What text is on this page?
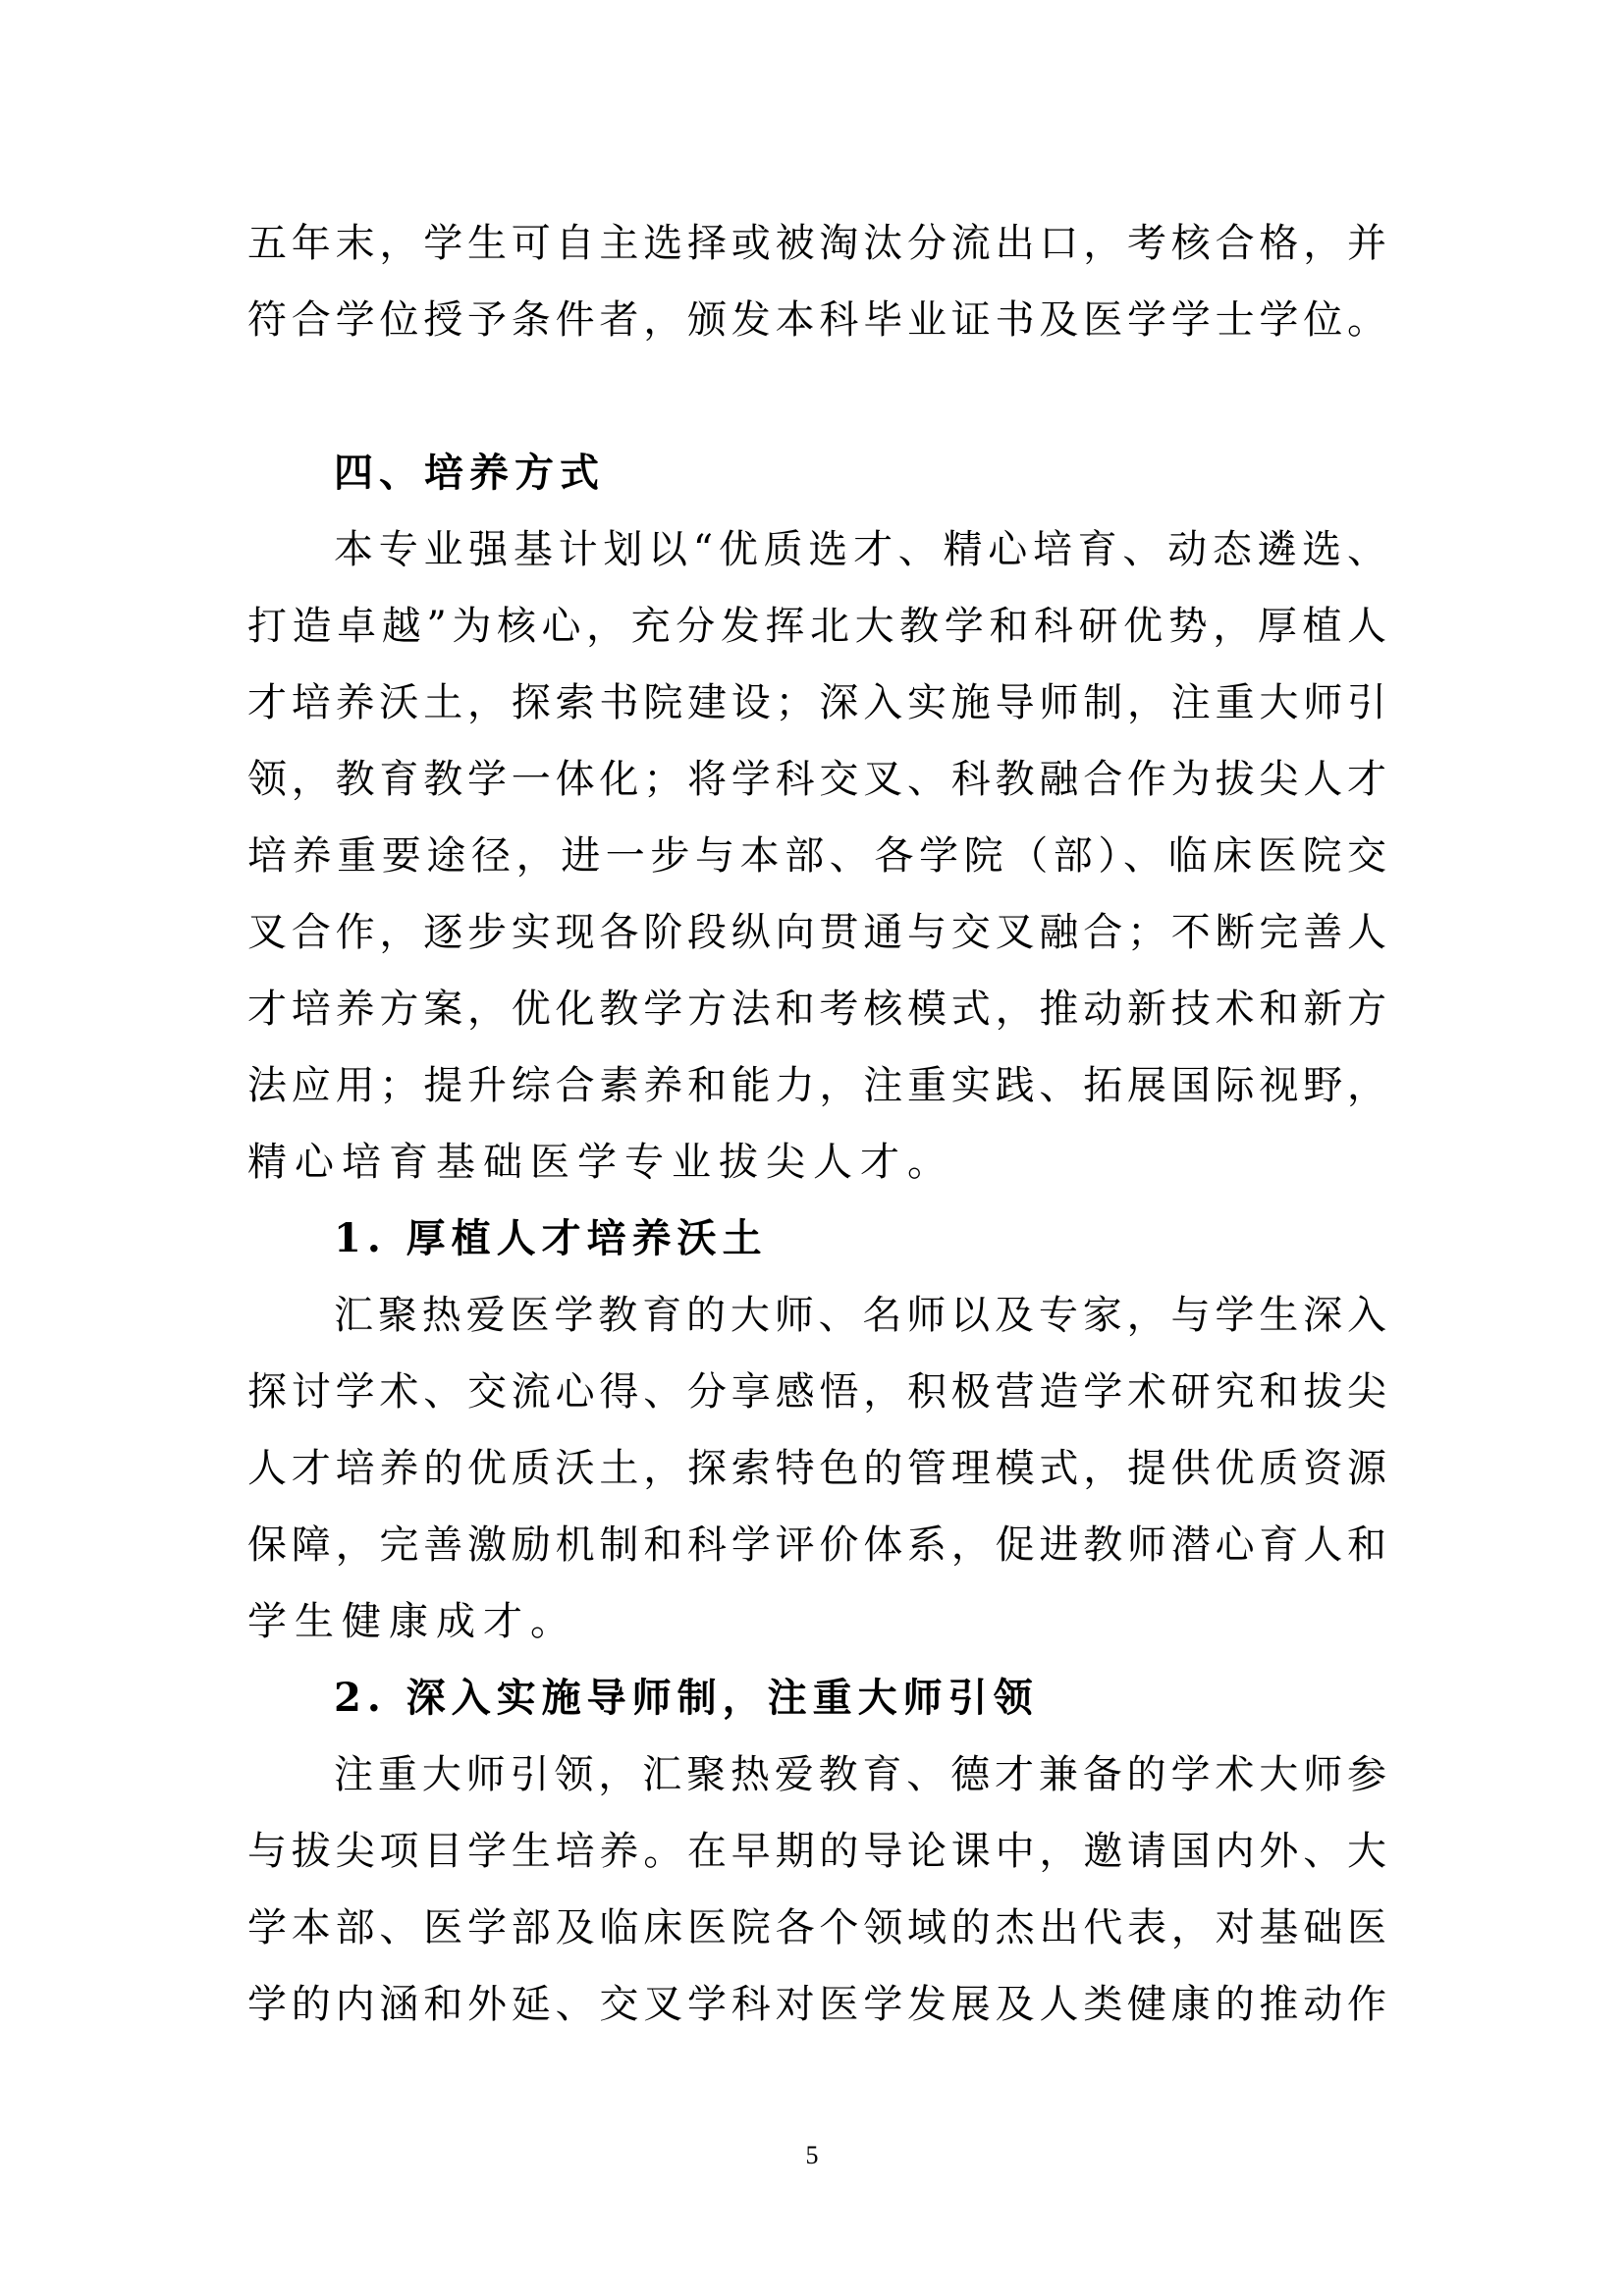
五年末，学生可自主选择或被淘汰分流出口，考核合格，并
符合学位授予条件者，颁发本科毕业证书及医学学士学位。
四、培养方式
本专业强基计划以“优质选才、精心培育、动态遴选、
打造卓越”为核心，充分发挥北大教学和科研优势，厚植人
才培养沃土，探索书院建设；深入实施导师制，注重大师引
领，教育教学一体化；将学科交叉、科教融合作为拔尖人才
培养重要途径，进一步与本部、各学院（部）、临床医院交
叉合作，逐步实现各阶段纵向贯通与交叉融合；不断完善人
才培养方案，优化教学方法和考核模式，推动新技术和新方
法应用；提升综合素养和能力，注重实践、拓展国际视野，
精心培育基础医学专业拔尖人才。
1. 厚植人才培养沃土
汇聚热爱医学教育的大师、名师以及专家，与学生深入
探讨学术、交流心得、分享感悟，积极营造学术研究和拔尖
人才培养的优质沃土，探索特色的管理模式，提供优质资源
保障，完善激励机制和科学评价体系，促进教师潜心育人和
学生健康成才。
2. 深入实施导师制，注重大师引领
注重大师引领，汇聚热爱教育、德才兼备的学术大师参
与拔尖项目学生培养。在早期的导论课中，邀请国内外、大
学本部、医学部及临床医院各个领域的杰出代表，对基础医
学的内涵和外延、交叉学科对医学发展及人类健康的推动作
5
